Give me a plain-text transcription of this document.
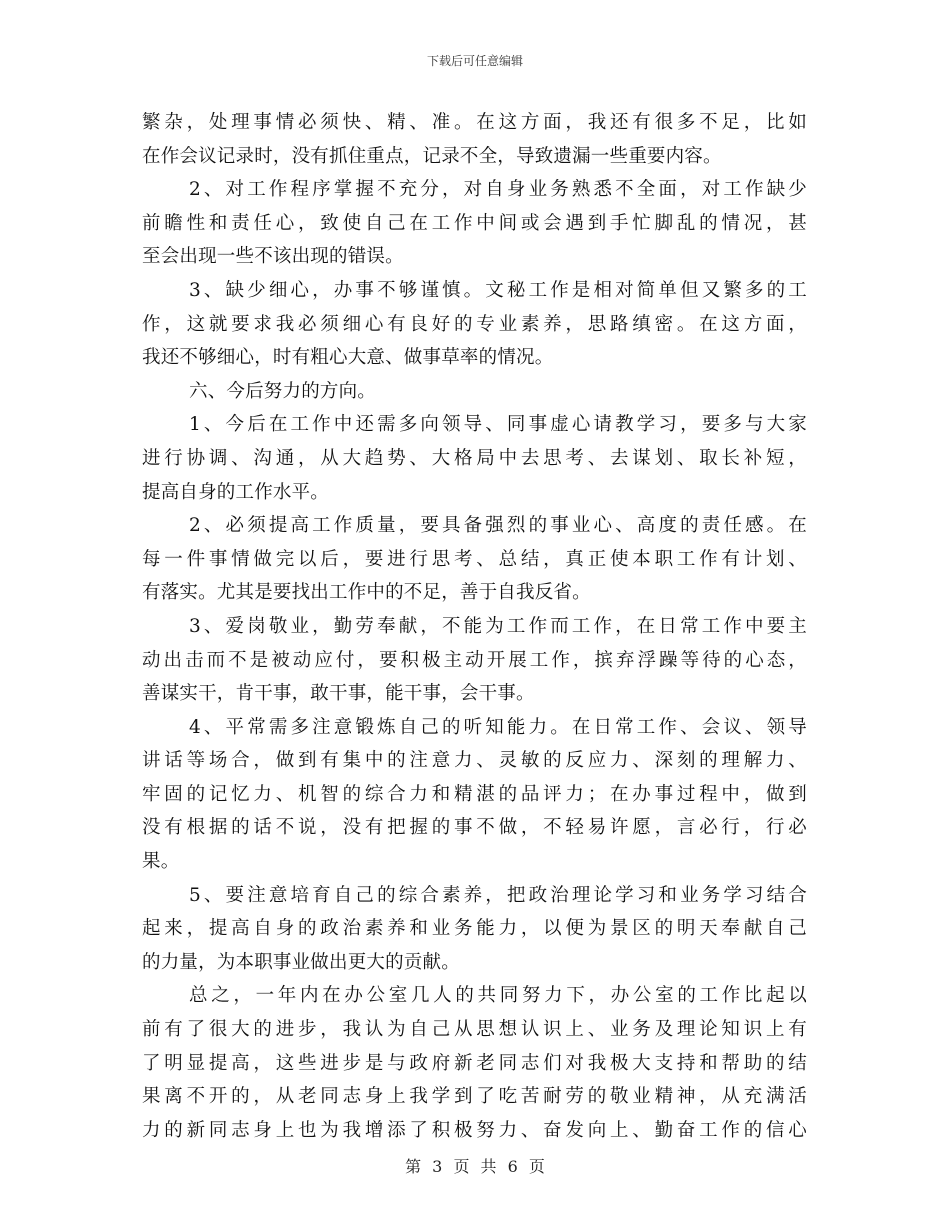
下载后可任意编辑
繁杂，处理事情必须快、精、准。在这方面，我还有很多不足，比如
在作会议记录时，没有抓住重点，记录不全，导致遗漏一些重要内容。
2、对工作程序掌握不充分，对自身业务熟悉不全面，对工作缺少
前瞻性和责任心，致使自己在工作中间或会遇到手忙脚乱的情况，甚
至会出现一些不该出现的错误。
3、缺少细心，办事不够谨慎。文秘工作是相对简单但又繁多的工
作，这就要求我必须细心有良好的专业素养，思路缜密。在这方面，
我还不够细心，时有粗心大意、做事草率的情况。
六、今后努力的方向。
1、今后在工作中还需多向领导、同事虚心请教学习，要多与大家
进行协调、沟通，从大趋势、大格局中去思考、去谋划、取长补短，
提高自身的工作水平。
2、必须提高工作质量，要具备强烈的事业心、高度的责任感。在
每一件事情做完以后，要进行思考、总结，真正使本职工作有计划、
有落实。尤其是要找出工作中的不足，善于自我反省。
3、爱岗敬业，勤劳奉献，不能为工作而工作，在日常工作中要主
动出击而不是被动应付，要积极主动开展工作，摈弃浮躁等待的心态，
善谋实干，肯干事，敢干事，能干事，会干事。
4、平常需多注意锻炼自己的听知能力。在日常工作、会议、领导
讲话等场合，做到有集中的注意力、灵敏的反应力、深刻的理解力、
牢固的记忆力、机智的综合力和精湛的品评力；在办事过程中，做到
没有根据的话不说，没有把握的事不做，不轻易许愿，言必行，行必
果。
5、要注意培育自己的综合素养，把政治理论学习和业务学习结合
起来，提高自身的政治素养和业务能力，以便为景区的明天奉献自己
的力量，为本职事业做出更大的贡献。
总之，一年内在办公室几人的共同努力下，办公室的工作比起以
前有了很大的进步，我认为自己从思想认识上、业务及理论知识上有
了明显提高，这些进步是与政府新老同志们对我极大支持和帮助的结
果离不开的，从老同志身上我学到了吃苦耐劳的敬业精神，从充满活
力的新同志身上也为我增添了积极努力、奋发向上、勤奋工作的信心
第 3 页 共 6 页
